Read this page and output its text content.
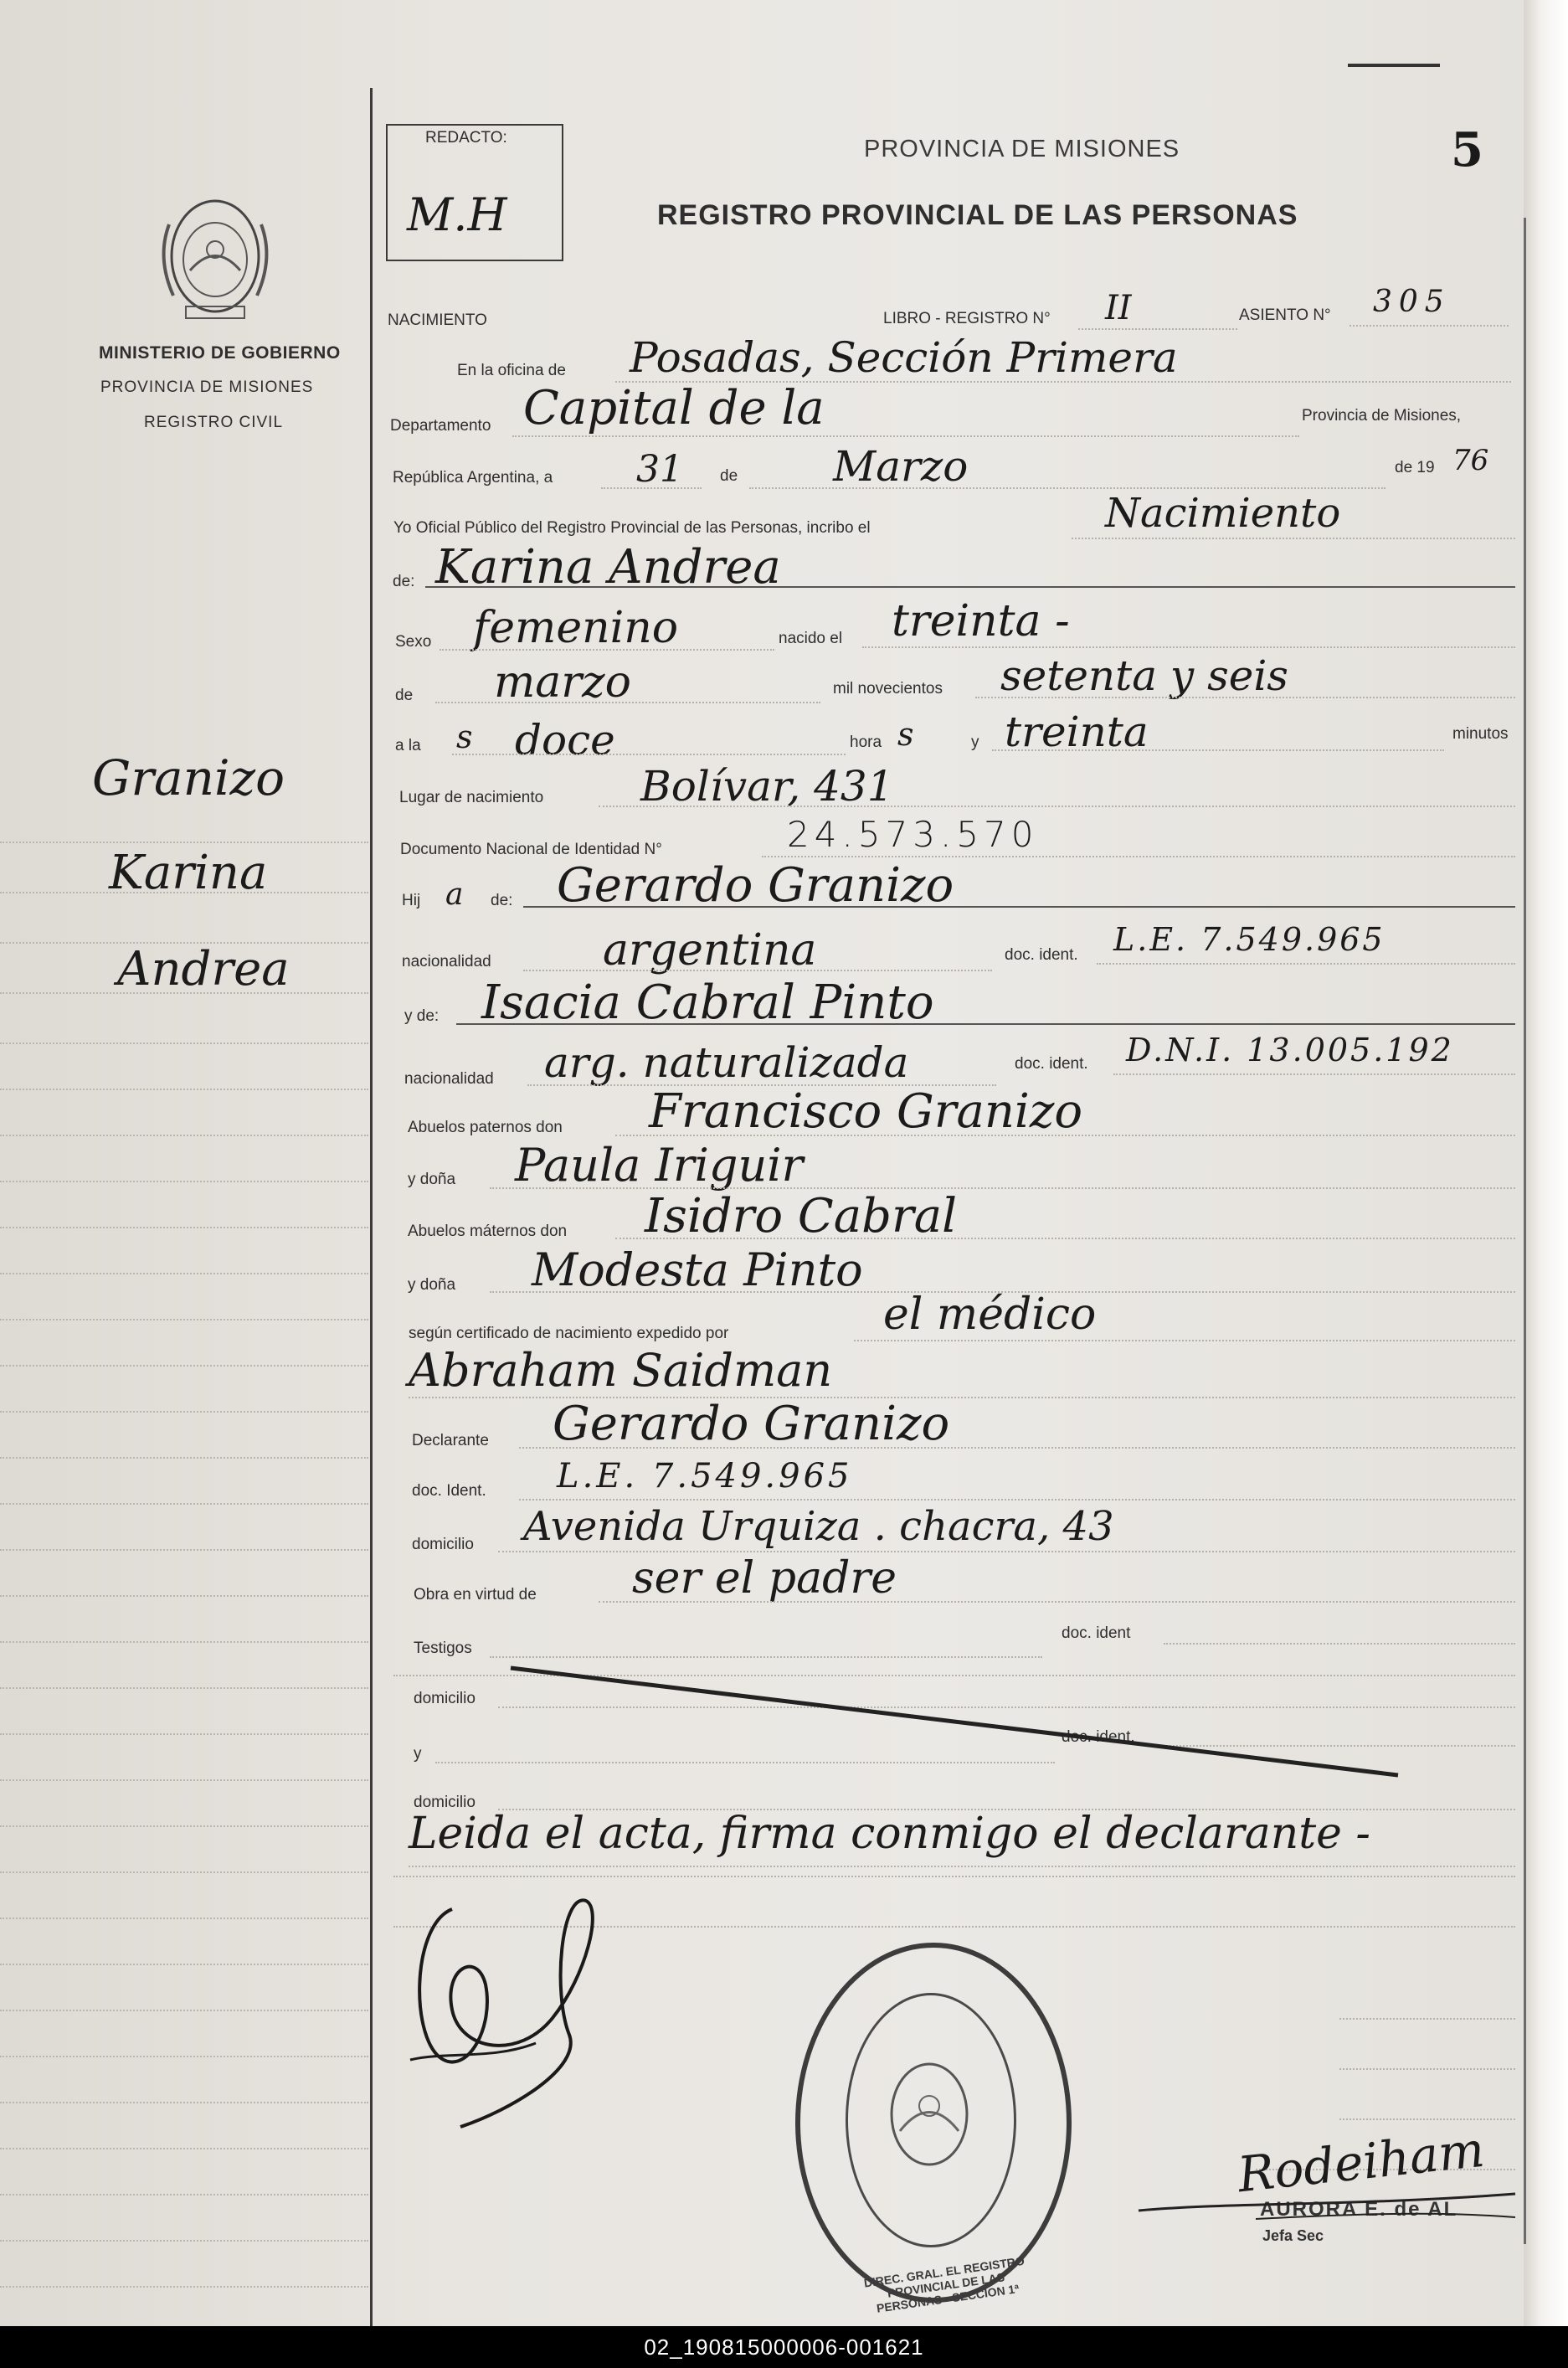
MINISTERIO DE GOBIERNO
PROVINCIA DE MISIONES
REGISTRO CIVIL
Granizo
Karina
Andrea
REDACTO:
M.H
PROVINCIA DE MISIONES
REGISTRO PROVINCIAL DE LAS PERSONAS
5
NACIMIENTO	LIBRO - REGISTRO N° II	ASIENTO N° 305
En la oficina de Posadas, Sección Primera
Departamento Capital de la	Provincia de Misiones,
República Argentina, a 31 de Marzo	de 19 76
Yo Oficial Público del Registro Provincial de las Personas, incribo el	Nacimiento
de: Karina Andrea
Sexo femenino	nacido el treinta -
de marzo	mil novecientos setenta y seis
a la s doce	hora s	y treinta	minutos
Lugar de nacimiento Bolívar, 431
Documento Nacional de Identidad N°	24.573.570
Hij a de: Gerardo Granizo
nacionalidad	argentina	doc. ident. L.E. 7.549.965
y de: Isacia Cabral Pinto
nacionalidad arg. naturalizada	doc. ident. D.N.I. 13.005.192
Abuelos paternos don Francisco Granizo
y doña Paula Iriguir
Abuelos máternos don Isidro Cabral
y doña Modesta Pinto
según certificado de nacimiento expedido por	el médico
Abraham Saidman
Declarante Gerardo Granizo
doc. Ident. L.E. 7.549.965
domicilio Avenida Urquiza . chacra, 43
Obra en virtud de ser el padre
Testigos
doc. ident
domicilio
y
doc. ident.
domicilio
Leida el acta, firma conmigo el declarante -
DIREC. GRAL. EL REGISTRO PROVINCIAL DE LAS PERSONAS · SECCION 1ª
Rodeiham
AURORA E. de AL
Jefa Sec
02_190815000006-001621
